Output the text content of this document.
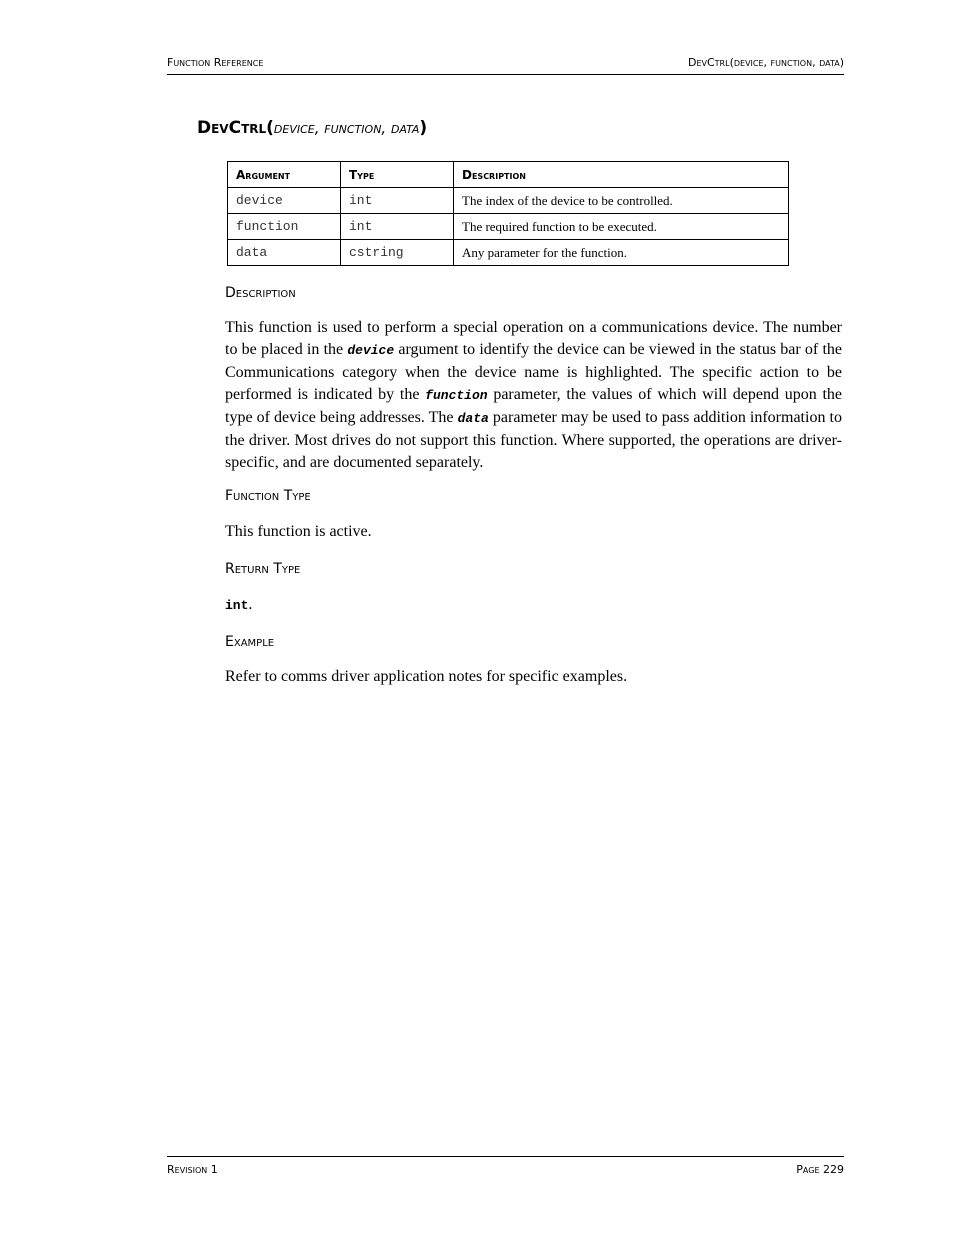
Function Reference	DevCtrl(device, function, data)
DevCtrl(device, function, data)
Argument	Type	Description
device	int	The index of the device to be controlled.
function	int	The required function to be executed.
data	cstring	Any parameter for the function.
Description
This function is used to perform a special operation on a communications device. The number to be placed in the device argument to identify the device can be viewed in the status bar of the Communications category when the device name is highlighted. The specific action to be performed is indicated by the function parameter, the values of which will depend upon the type of device being addresses. The data parameter may be used to pass addition information to the driver. Most drives do not support this function. Where supported, the operations are driver-specific, and are documented separately.
Function Type
This function is active.
Return Type
int.
Example
Refer to comms driver application notes for specific examples.
Revision 1	Page 229
